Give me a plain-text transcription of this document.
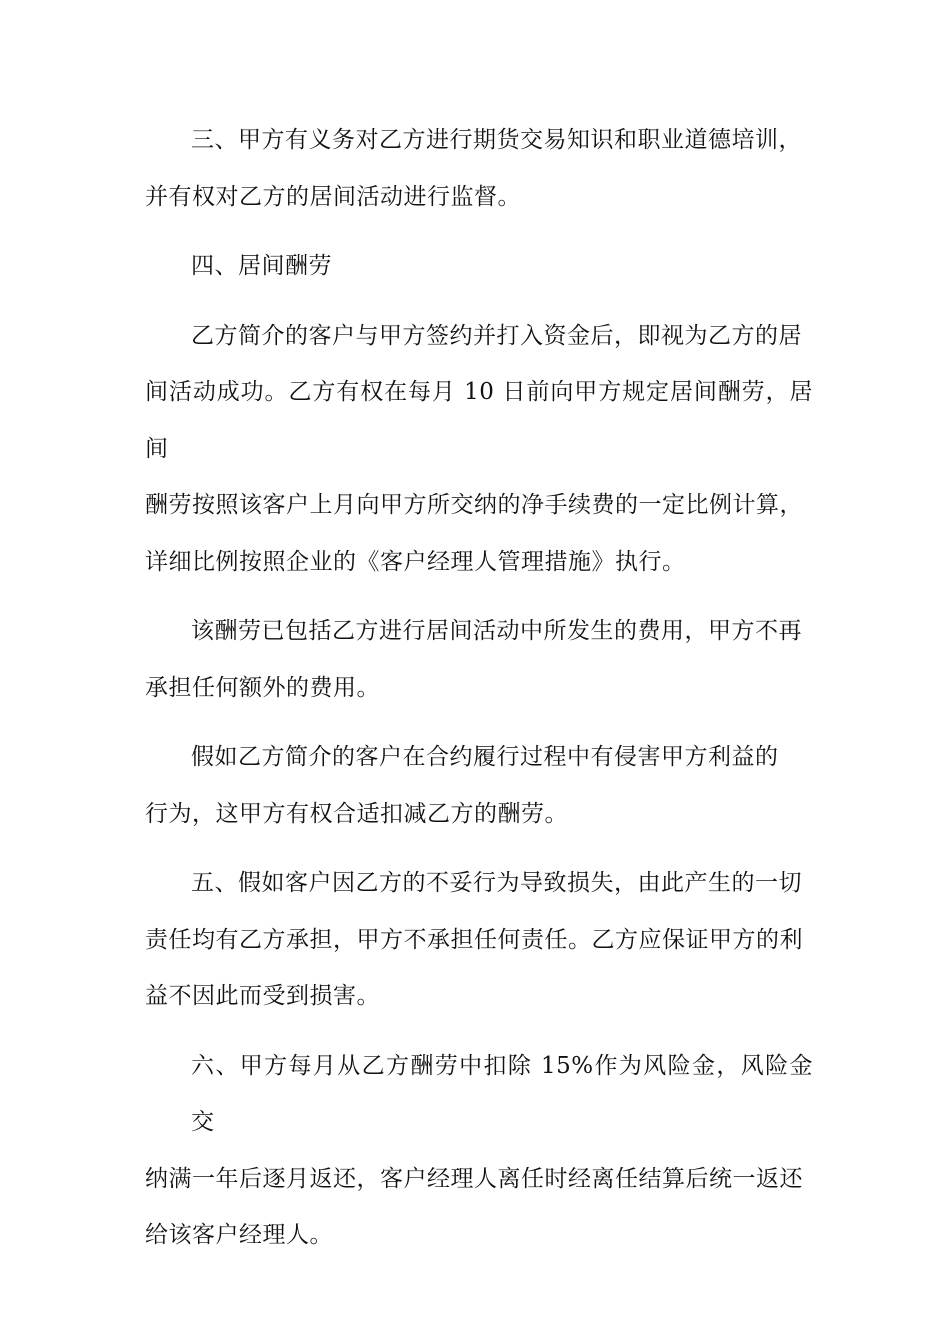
三、甲方有义务对乙方进行期货交易知识和职业道德培训，
并有权对乙方的居间活动进行监督。
四、居间酬劳
乙方简介的客户与甲方签约并打入资金后，即视为乙方的居
间活动成功。乙方有权在每月 10 日前向甲方规定居间酬劳，居间
酬劳按照该客户上月向甲方所交纳的净手续费的一定比例计算，
详细比例按照企业的《客户经理人管理措施》执行。
该酬劳已包括乙方进行居间活动中所发生的费用，甲方不再
承担任何额外的费用。
假如乙方简介的客户在合约履行过程中有侵害甲方利益的
行为，这甲方有权合适扣减乙方的酬劳。
五、假如客户因乙方的不妥行为导致损失，由此产生的一切
责任均有乙方承担，甲方不承担任何责任。乙方应保证甲方的利
益不因此而受到损害。
六、甲方每月从乙方酬劳中扣除 15%作为风险金，风险金交
纳满一年后逐月返还，客户经理人离任时经离任结算后统一返还
给该客户经理人。
